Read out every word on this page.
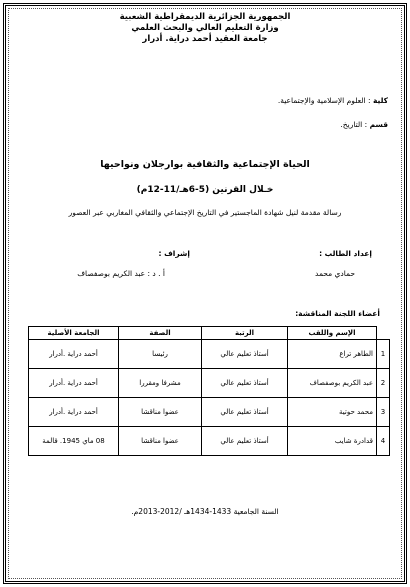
الجمهورية الجزائرية الديمقراطية الشعبية
وزارة التعليم العالي والبحث العلمي
جامعة العقيد أحمد دراية. أدرار
كلية : العلوم الإسلامية والإجتماعية.
قسم : التاريخ.
الحياة الإجتماعية والثقافية بوارجلان ونواحيها
خـلال القرنين (5-6هـ/11-12م)
رسالة مقدمة لنيل شهادة الماجستير في التاريخ الإجتماعي والثقافي المغاربي عبر العصور
إعداد الطالب :
حمادي محمد
إشراف :
أ . د : عبد الكريم بوصفصاف
أعضاء اللجنة المناقشة:
	الإسم واللقب	الرتبة	الصفة	الجامعة الأصلية
1	الطاهر تراع	أستاذ تعليم عالي	رئيسا	أحمد دراية .أدرار
2	عبد الكريم بوصفصاف	أستاذ تعليم عالي	مشرفا ومقررا	أحمد دراية .أدرار
3	محمد حوتية	أستاذ تعليم عالي	عضوا مناقشا	أحمد دراية .أدرار
4	قدادرة شايب	أستاذ تعليم عالي	عضوا مناقشا	08 ماي 1945. قالمة
السنة الجامعية 1433-1434هـ /2012-2013م.
